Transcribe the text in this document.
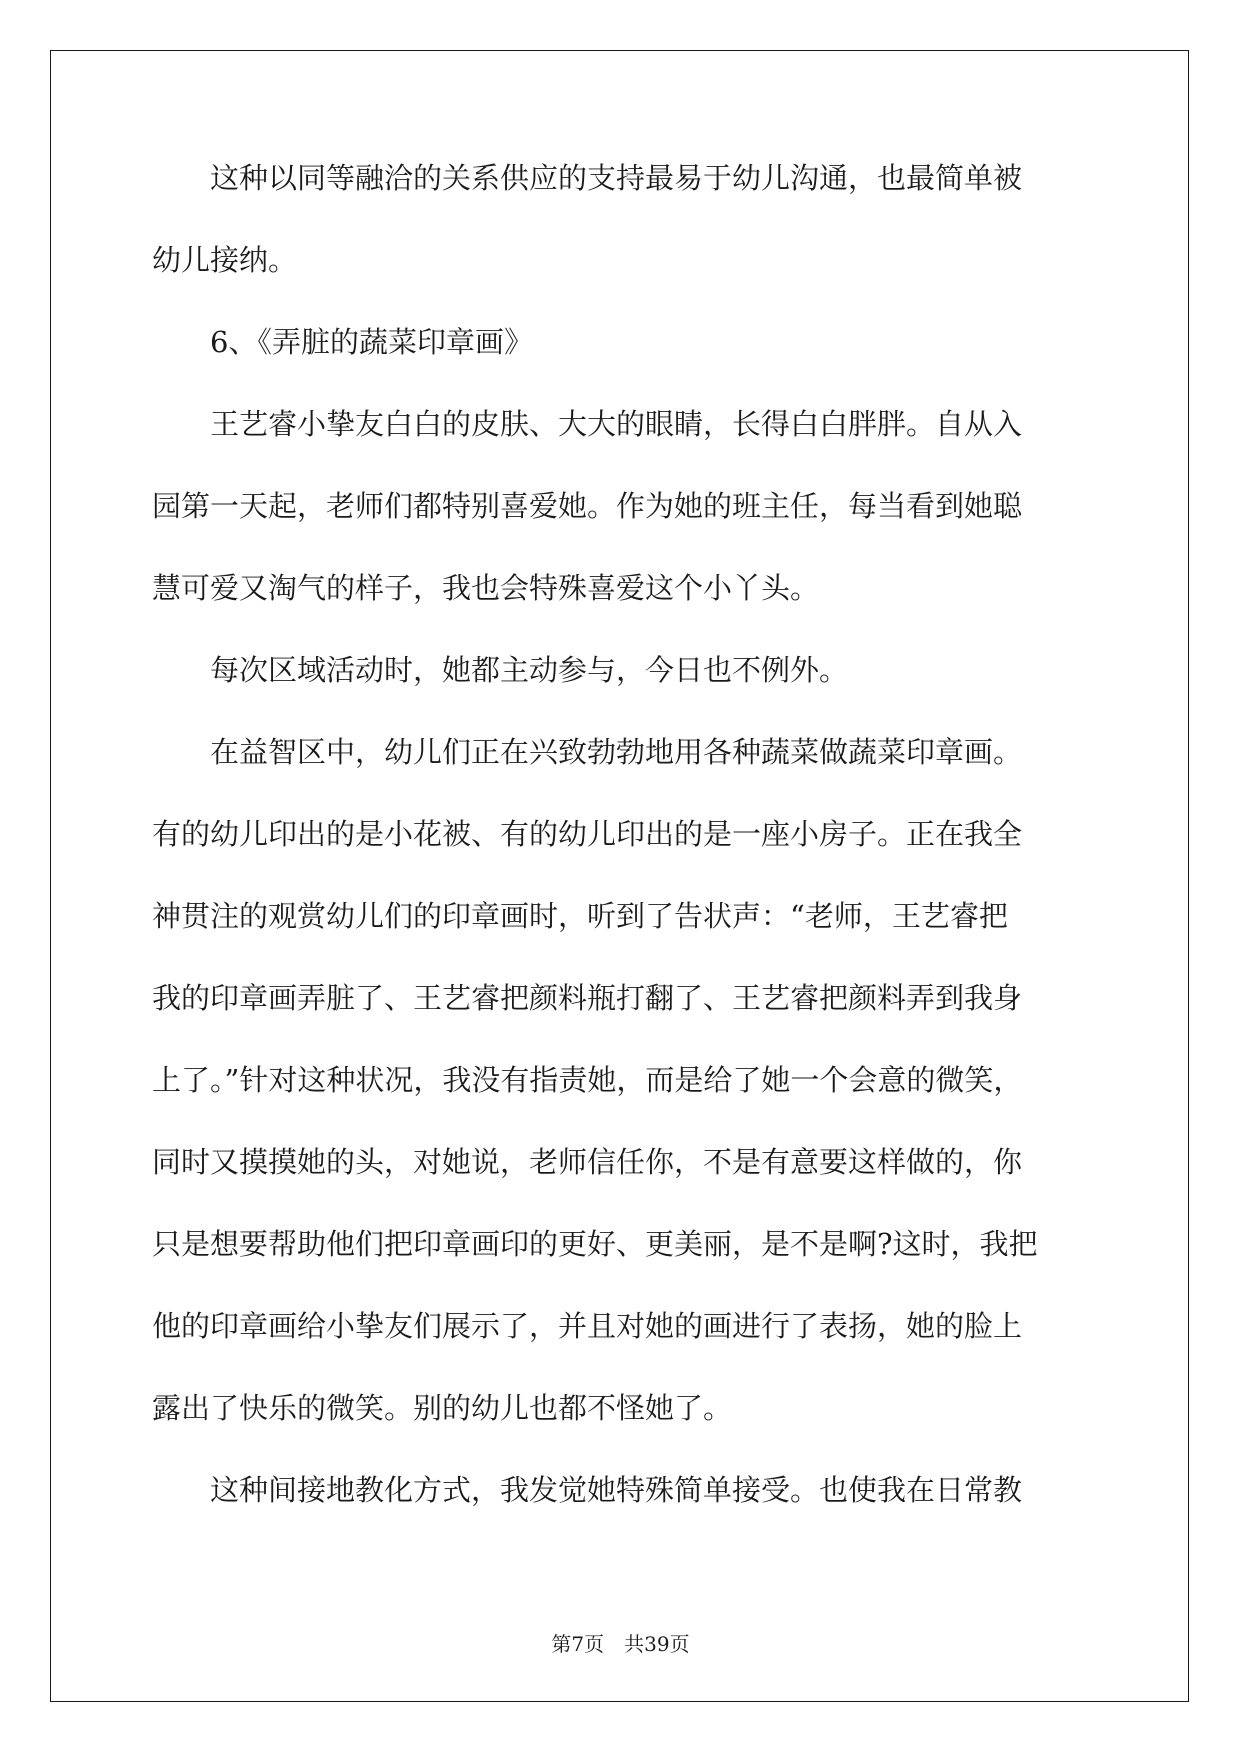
　　这种以同等融洽的关系供应的支持最易于幼儿沟通，也最简单被
幼儿接纳。
　　6、《弄脏的蔬菜印章画》
　　王艺睿小挚友白白的皮肤、大大的眼睛，长得白白胖胖。自从入
园第一天起，老师们都特别喜爱她。作为她的班主任，每当看到她聪
慧可爱又淘气的样子，我也会特殊喜爱这个小丫头。
　　每次区域活动时，她都主动参与，今日也不例外。
　　在益智区中，幼儿们正在兴致勃勃地用各种蔬菜做蔬菜印章画。
有的幼儿印出的是小花被、有的幼儿印出的是一座小房子。正在我全
神贯注的观赏幼儿们的印章画时，听到了告状声：“老师，王艺睿把
我的印章画弄脏了、王艺睿把颜料瓶打翻了、王艺睿把颜料弄到我身
上了。”针对这种状况，我没有指责她，而是给了她一个会意的微笑，
同时又摸摸她的头，对她说，老师信任你，不是有意要这样做的，你
只是想要帮助他们把印章画印的更好、更美丽，是不是啊?这时，我把
他的印章画给小挚友们展示了，并且对她的画进行了表扬，她的脸上
露出了快乐的微笑。别的幼儿也都不怪她了。
　　这种间接地教化方式，我发觉她特殊简单接受。也使我在日常教
第7页　共39页
